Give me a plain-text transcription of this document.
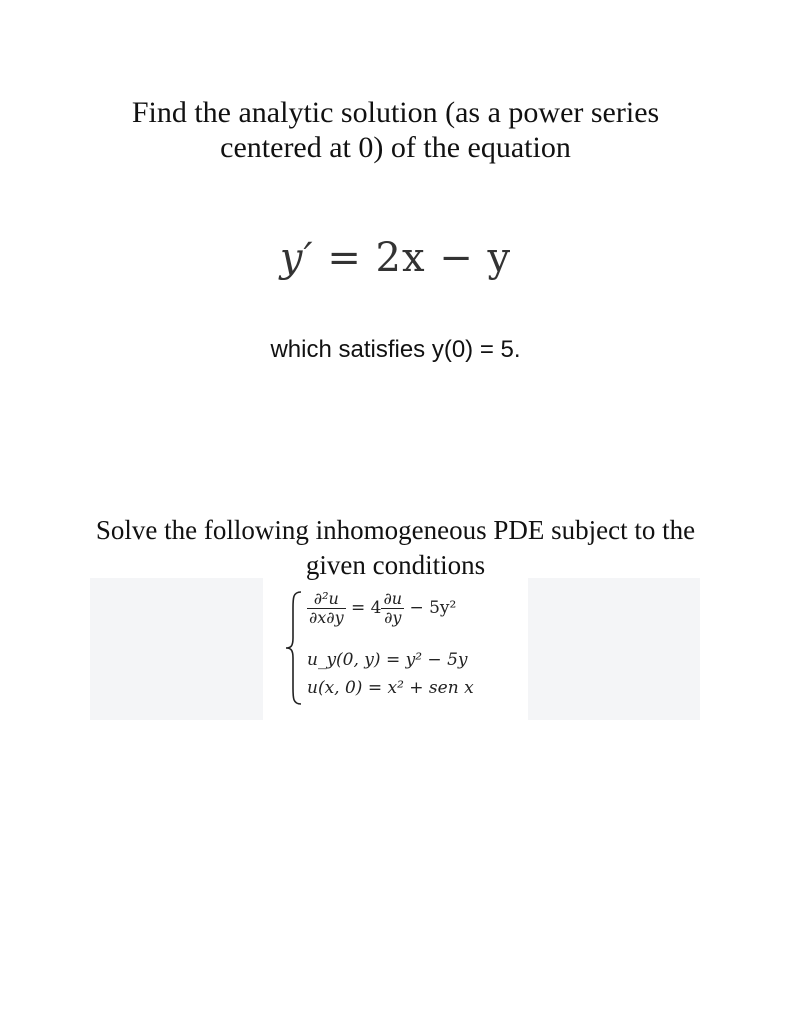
Find the analytic solution (as a power series
centered at 0) of the equation
y′ = 2x − y
which satisfies y(0) = 5.
Solve the following inhomogeneous PDE subject to the
given conditions
$\frac{\text{∂²u}}{\partial x\partial y} = 4 \frac{\partial u}{\partial y} - 5y^2$
u_y(0, y) = y² − 5y
u(x, 0) = x² + sen x
